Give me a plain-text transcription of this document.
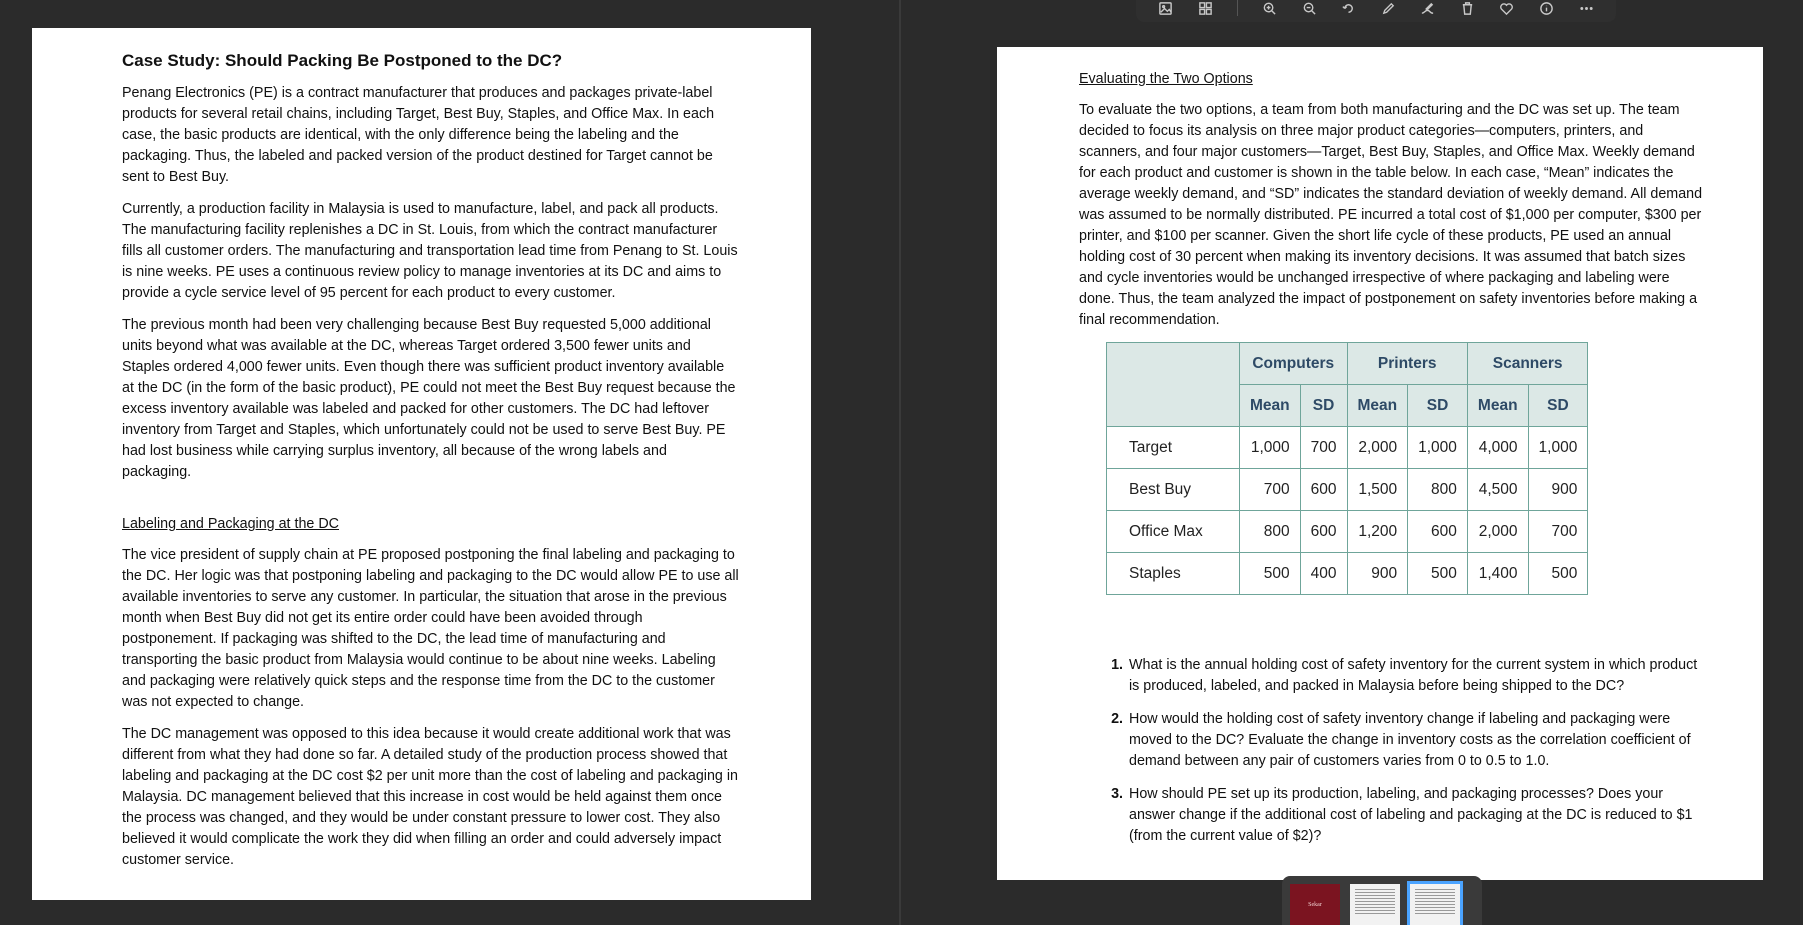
Case Study: Should Packing Be Postponed to the DC?

Penang Electronics (PE) is a contract manufacturer that produces and packages private-label products for several retail chains, including Target, Best Buy, Staples, and Office Max. In each case, the basic products are identical, with the only difference being the labeling and the packaging. Thus, the labeled and packed version of the product destined for Target cannot be sent to Best Buy.

Currently, a production facility in Malaysia is used to manufacture, label, and pack all products. The manufacturing facility replenishes a DC in St. Louis, from which the contract manufacturer fills all customer orders. The manufacturing and transportation lead time from Penang to St. Louis is nine weeks. PE uses a continuous review policy to manage inventories at its DC and aims to provide a cycle service level of 95 percent for each product to every customer.

The previous month had been very challenging because Best Buy requested 5,000 additional units beyond what was available at the DC, whereas Target ordered 3,500 fewer units and Staples ordered 4,000 fewer units. Even though there was sufficient product inventory available at the DC (in the form of the basic product), PE could not meet the Best Buy request because the excess inventory available was labeled and packed for other customers. The DC had leftover inventory from Target and Staples, which unfortunately could not be used to serve Best Buy. PE had lost business while carrying surplus inventory, all because of the wrong labels and packaging.

Labeling and Packaging at the DC

The vice president of supply chain at PE proposed postponing the final labeling and packaging to the DC. Her logic was that postponing labeling and packaging to the DC would allow PE to use all available inventories to serve any customer. In particular, the situation that arose in the previous month when Best Buy did not get its entire order could have been avoided through postponement. If packaging was shifted to the DC, the lead time of manufacturing and transporting the basic product from Malaysia would continue to be about nine weeks. Labeling and packaging were relatively quick steps and the response time from the DC to the customer was not expected to change.

The DC management was opposed to this idea because it would create additional work that was different from what they had done so far. A detailed study of the production process showed that labeling and packaging at the DC cost $2 per unit more than the cost of labeling and packaging in Malaysia. DC management believed that this increase in cost would be held against them once the process was changed, and they would be under constant pressure to lower cost. They also believed it would complicate the work they did when filling an order and could adversely impact customer service.

Evaluating the Two Options

To evaluate the two options, a team from both manufacturing and the DC was set up. The team decided to focus its analysis on three major product categories—computers, printers, and scanners, and four major customers—Target, Best Buy, Staples, and Office Max. Weekly demand for each product and customer is shown in the table below. In each case, “Mean” indicates the average weekly demand, and “SD” indicates the standard deviation of weekly demand. All demand was assumed to be normally distributed. PE incurred a total cost of $1,000 per computer, $300 per printer, and $100 per scanner. Given the short life cycle of these products, PE used an annual holding cost of 30 percent when making its inventory decisions. It was assumed that batch sizes and cycle inventories would be unchanged irrespective of where packaging and labeling were done. Thus, the team analyzed the impact of postponement on safety inventories before making a final recommendation.

	Computers		Printers		Scanners	
	Mean	SD	Mean	SD	Mean	SD
Target	1,000	700	2,000	1,000	4,000	1,000
Best Buy	700	600	1,500	800	4,500	900
Office Max	800	600	1,200	600	2,000	700
Staples	500	400	900	500	1,400	500
1. What is the annual holding cost of safety inventory for the current system in which product is produced, labeled, and packed in Malaysia before being shipped to the DC?
2. How would the holding cost of safety inventory change if labeling and packaging were moved to the DC? Evaluate the change in inventory costs as the correlation coefficient of demand between any pair of customers varies from 0 to 0.5 to 1.0.
3. How should PE set up its production, labeling, and packaging processes? Does your answer change if the additional cost of labeling and packaging at the DC is reduced to $1 (from the current value of $2)?
Sekar
